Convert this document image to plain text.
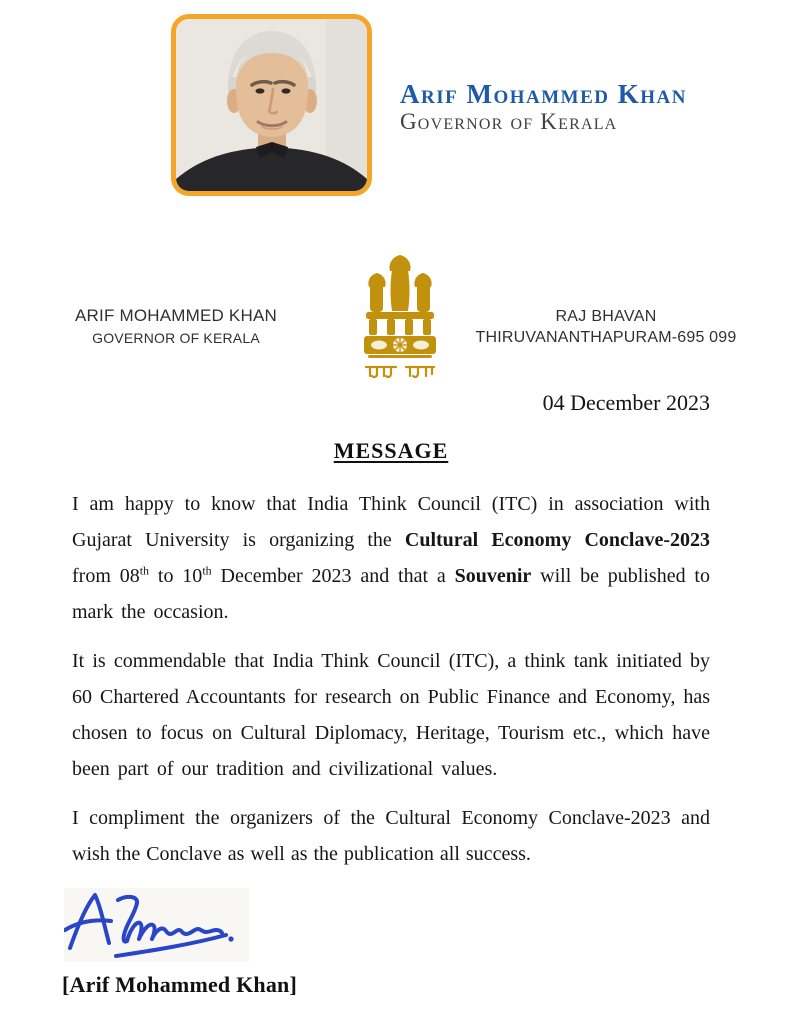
Arif Mohammed Khan
Governor of Kerala
ARIF MOHAMMED KHAN
GOVERNOR OF KERALA
RAJ BHAVAN
THIRUVANANTHAPURAM-695 099
04 December 2023
MESSAGE

I am happy to know that India Think Council (ITC) in association with Gujarat University is organizing the Cultural Economy Conclave-2023 from 08th to 10th December 2023 and that a Souvenir will be published to mark the occasion.

It is commendable that India Think Council (ITC), a think tank initiated by 60 Chartered Accountants for research on Public Finance and Economy, has chosen to focus on Cultural Diplomacy, Heritage, Tourism etc., which have been part of our tradition and civilizational values.

I compliment the organizers of the Cultural Economy Conclave-2023 and wish the Conclave as well as the publication all success.

[Arif Mohammed Khan]
